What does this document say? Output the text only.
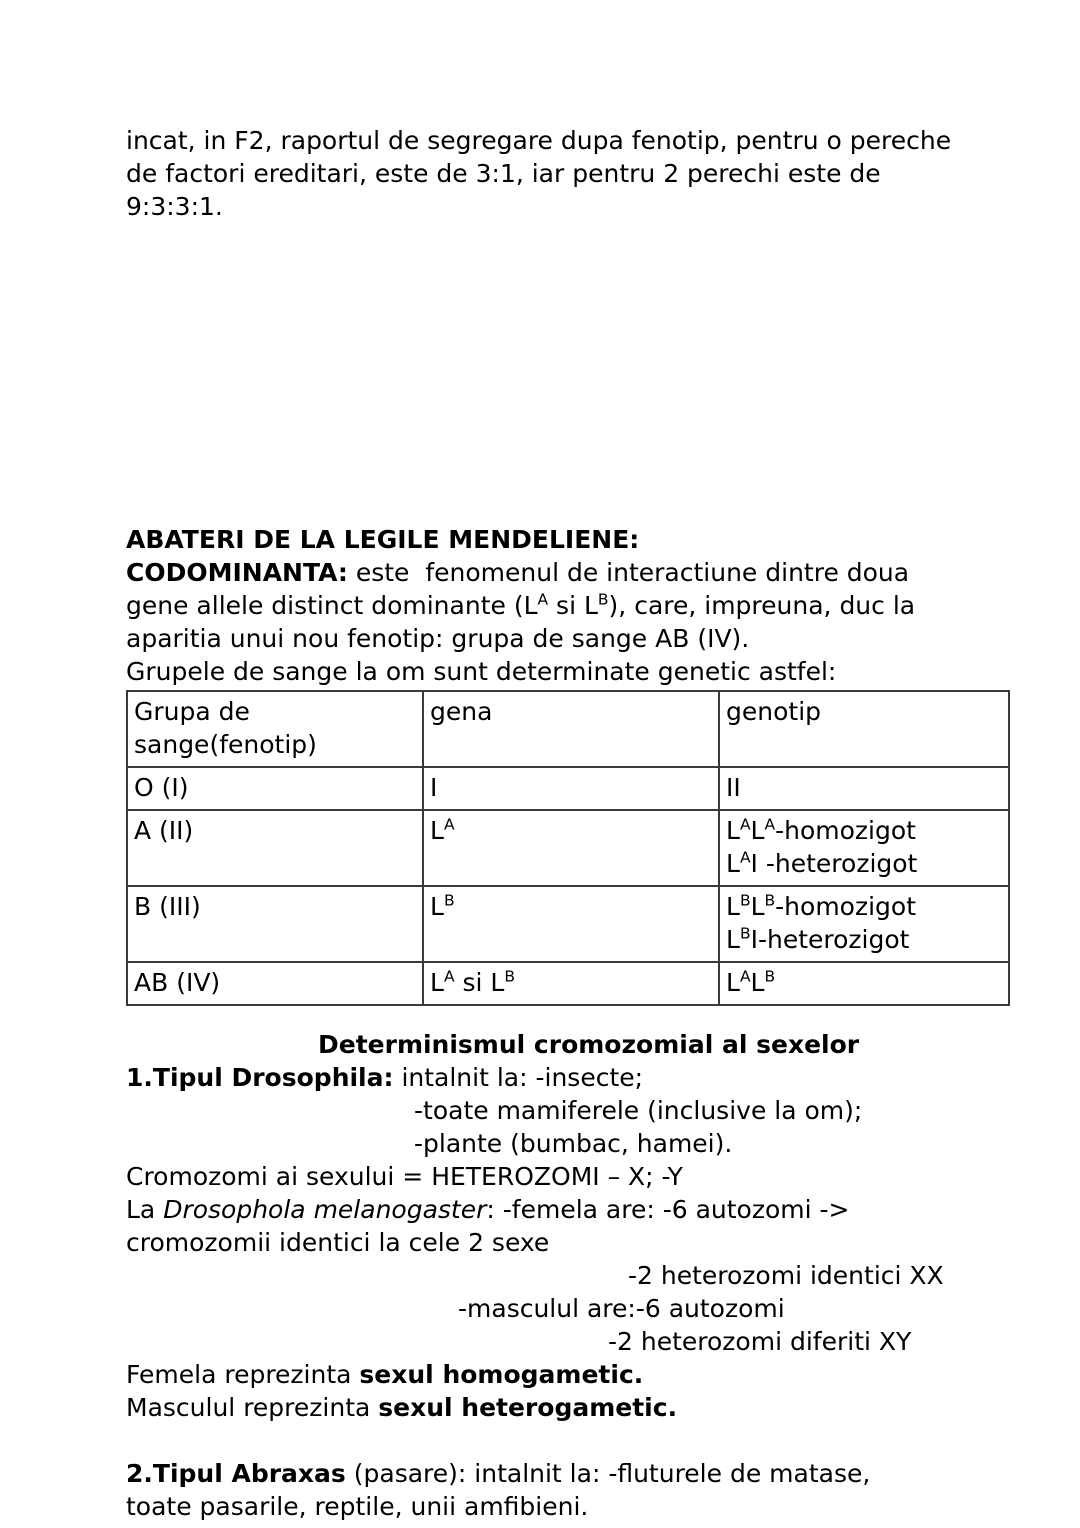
incat, in F2, raportul de segregare dupa fenotip, pentru o pereche de factori ereditari, este de 3:1, iar pentru 2 perechi este de 9:3:3:1.

ABATERI DE LA LEGILE MENDELIENE:

CODOMINANTA: este  fenomenul de interactiune dintre doua gene allele distinct dominante ($L^A$ si $L^B$), care, impreuna, duc la aparitia unui nou fenotip: grupa de sange AB (IV).

Grupele de sange la om sunt determinate genetic astfel:

Grupa de
sange(fenotip)	gena	genotip
O (I)	I	II
A (II)	$L^A$	$L^AL^A$-homozigot
$L^AI$ -heterozigot

B (III)	$L^B$	$L^BL^B$-homozigot
$L^BI$-heterozigot

AB (IV)	$L^A$ si $L^B$	$L^AL^B$

Determinismul cromozomial al sexelor

1.Tipul Drosophila: intalnit la: -insecte;

-toate mamiferele (inclusive la om);

-plante (bumbac, hamei).

Cromozomi ai sexului = HETEROZOMI – X; -Y

La Drosophola melanogaster: -femela are: -6 autozomi ->

cromozomii identici la cele 2 sexe

-2 heterozomi identici XX

-masculul are:-6 autozomi

-2 heterozomi diferiti XY

Femela reprezinta sexul homogametic.

Masculul reprezinta sexul heterogametic.

2.Tipul Abraxas (pasare): intalnit la: -fluturele de matase,

toate pasarile, reptile, unii amfibieni.
